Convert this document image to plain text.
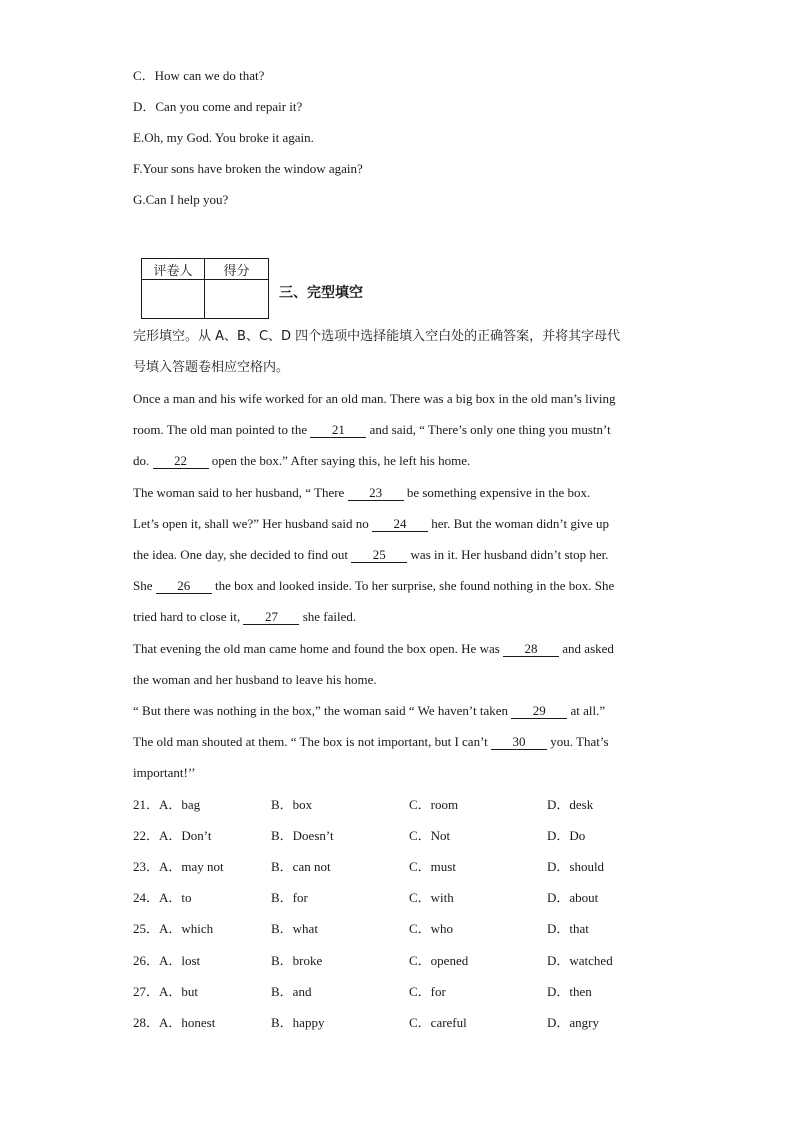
C．How can we do that?
D．Can you come and repair it?
E.Oh, my God. You broke it again.
F.Your sons have broken the window again?
G.Can I help you?
评卷人	得分

三、完型填空
完形填空。从 A、B、C、D 四个选项中选择能填入空白处的正确答案，并将其字母代
号填入答题卷相应空格内。
Once a man and his wife worked for an old man. There was a big box in the old man’s living
room. The old man pointed to the 21 and said, “ There’s only one thing you mustn’t
do. 22 open the box.” After saying this, he left his home.
The woman said to her husband, “ There 23 be something expensive in the box.
Let’s open it, shall we?” Her husband said no 24 her. But the woman didn’t give up
the idea. One day, she decided to find out 25 was in it. Her husband didn’t stop her.
She 26 the box and looked inside. To her surprise, she found nothing in the box. She
tried hard to close it, 27 she failed.
That evening the old man came home and found the box open. He was 28 and asked
the woman and her husband to leave his home.
“ But there was nothing in the box,” the woman said “ We haven’t taken 29 at all.”
The old man shouted at them. “ The box is not important, but I can’t 30 you. That’s
important!’’
21．A．bag	B．box	C．room	D．desk
22．A．Don’t	B．Doesn’t	C．Not	D．Do
23．A．may not	B．can not	C．must	D．should
24．A．to	B．for	C．with	D．about
25．A．which	B．what	C．who	D．that
26．A．lost	B．broke	C．opened	D．watched
27．A．but	B．and	C．for	D．then
28．A．honest	B．happy	C．careful	D．angry
